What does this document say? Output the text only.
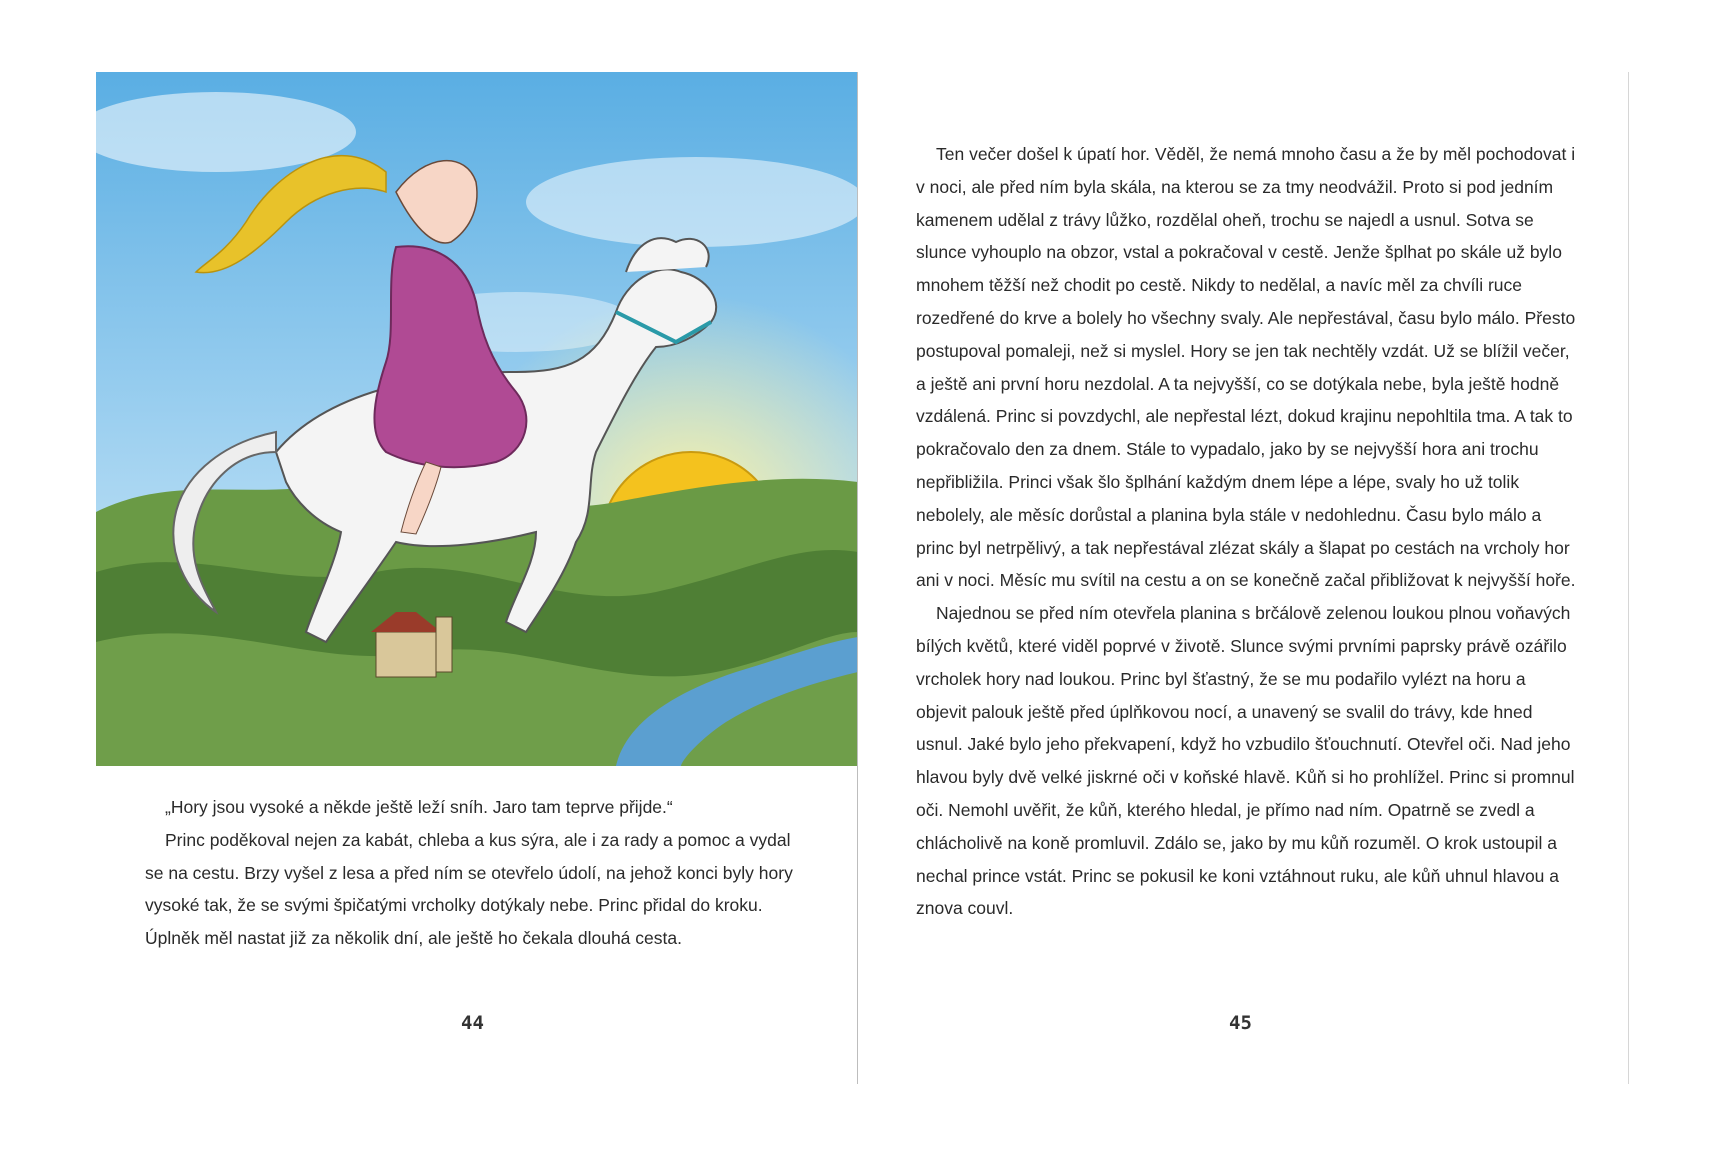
„Hory jsou vysoké a někde ještě leží sníh. Jaro tam teprve přijde.“

Princ poděkoval nejen za kabát, chleba a kus sýra, ale i za rady a pomoc a vydal se na cestu. Brzy vyšel z lesa a před ním se otevřelo údolí, na jehož konci byly hory vysoké tak, že se svými špičatými vrcholky dotýkaly nebe. Princ přidal do kroku. Úplněk měl nastat již za několik dní, ale ještě ho čekala dlouhá cesta.

Ten večer došel k úpatí hor. Věděl, že nemá mnoho času a že by měl pochodovat i v noci, ale před ním byla skála, na kterou se za tmy neodvážil. Proto si pod jedním kamenem udělal z trávy lůžko, rozdělal oheň, trochu se najedl a usnul. Sotva se slunce vyhouplo na obzor, vstal a pokračoval v cestě. Jenže šplhat po skále už bylo mnohem těžší než chodit po cestě. Nikdy to nedělal, a navíc měl za chvíli ruce rozedřené do krve a bolely ho všechny svaly. Ale nepřestával, času bylo málo. Přesto postupoval pomaleji, než si myslel. Hory se jen tak nechtěly vzdát. Už se blížil večer, a ještě ani první horu nezdolal. A ta nejvyšší, co se dotýkala nebe, byla ještě hodně vzdálená. Princ si povzdychl, ale nepřestal lézt, dokud krajinu nepohltila tma. A tak to pokračovalo den za dnem. Stále to vypadalo, jako by se nejvyšší hora ani trochu nepřibližila. Princi však šlo šplhání každým dnem lépe a lépe, svaly ho už tolik nebolely, ale měsíc dorůstal a planina byla stále v nedohlednu. Času bylo málo a princ byl netrpělivý, a tak nepřestával zlézat skály a šlapat po cestách na vrcholy hor ani v noci. Měsíc mu svítil na cestu a on se konečně začal přibližovat k nejvyšší hoře.

Najednou se před ním otevřela planina s brčálově zelenou loukou plnou voňavých bílých květů, které viděl poprvé v životě. Slunce svými prvními paprsky právě ozářilo vrcholek hory nad loukou. Princ byl šťastný, že se mu podařilo vylézt na horu a objevit palouk ještě před úplňkovou nocí, a unavený se svalil do trávy, kde hned usnul. Jaké bylo jeho překvapení, když ho vzbudilo šťouchnutí. Otevřel oči. Nad jeho hlavou byly dvě velké jiskrné oči v koňské hlavě. Kůň si ho prohlížel. Princ si promnul oči. Nemohl uvěřit, že kůň, kterého hledal, je přímo nad ním. Opatrně se zvedl a chlácholivě na koně promluvil. Zdálo se, jako by mu kůň rozuměl. O krok ustoupil a nechal prince vstát. Princ se pokusil ke koni vztáhnout ruku, ale kůň uhnul hlavou a znova couvl.

44	45
